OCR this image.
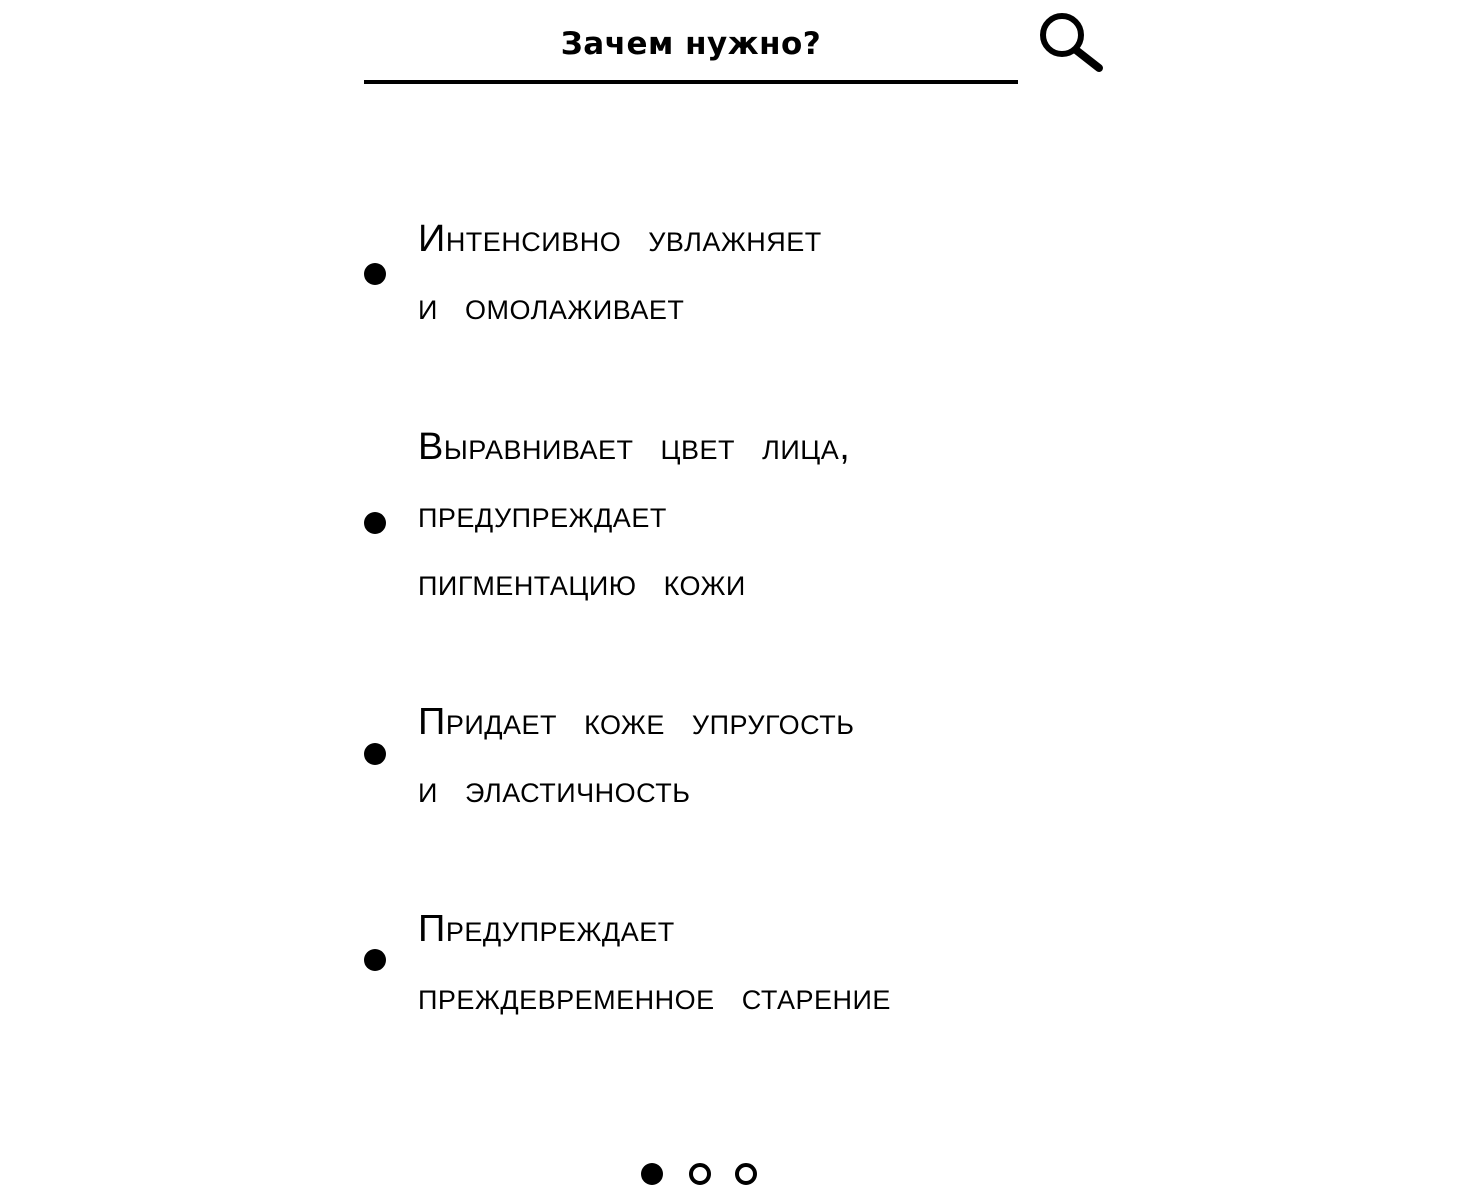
Зачем нужно?
Интенсивно увлажняет
и омолаживает
Выравнивает цвет лица,
предупреждает
пигментацию кожи
Придает коже упругость
и эластичность
Предупреждает
преждевременное старение
